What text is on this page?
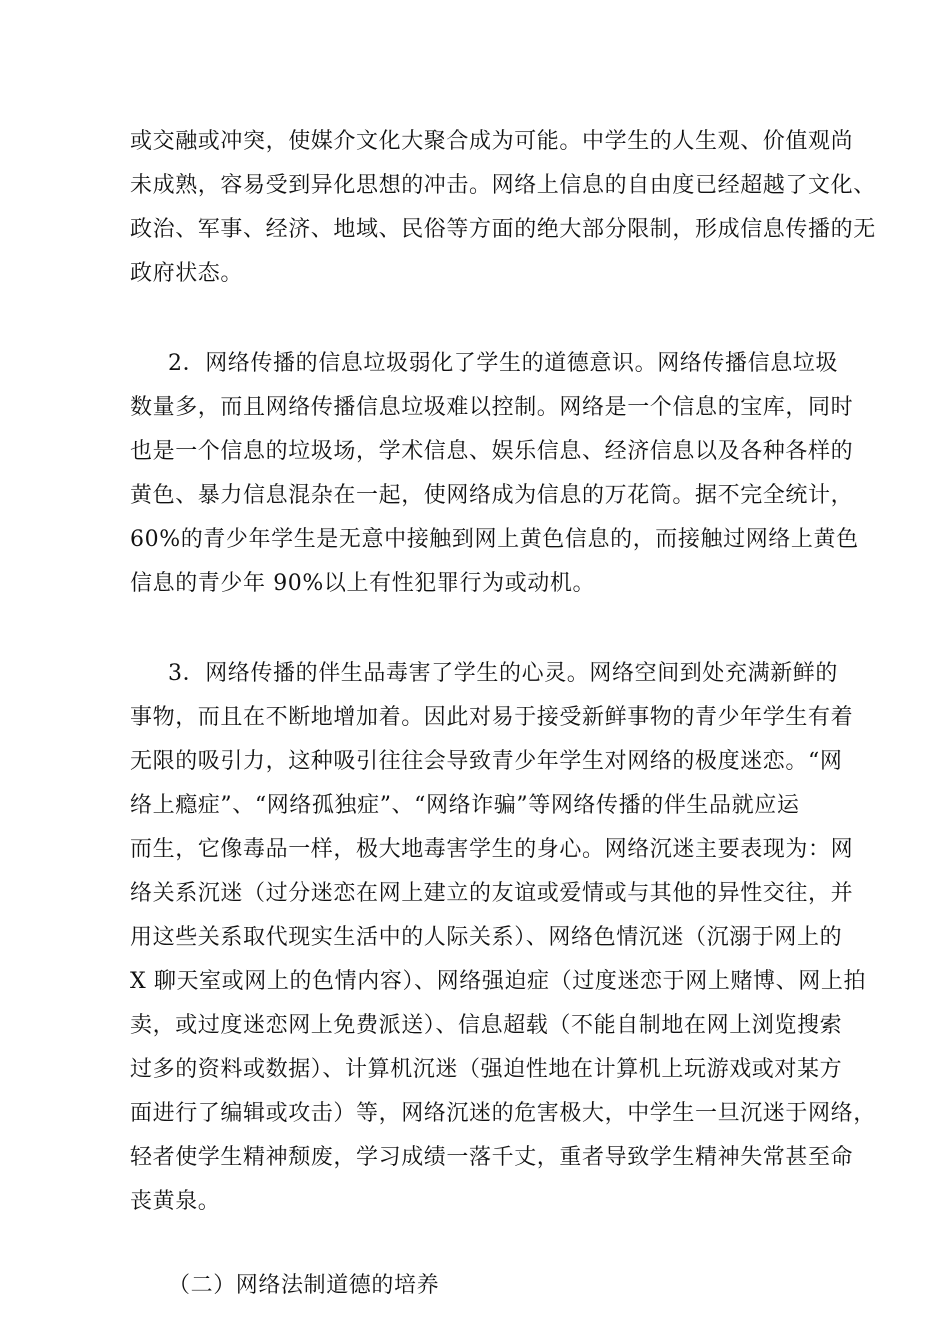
或交融或冲突，使媒介文化大聚合成为可能。中学生的人生观、价值观尚
未成熟，容易受到异化思想的冲击。网络上信息的自由度已经超越了文化、
政治、军事、经济、地域、民俗等方面的绝大部分限制，形成信息传播的无
政府状态。
2．网络传播的信息垃圾弱化了学生的道德意识。网络传播信息垃圾
数量多，而且网络传播信息垃圾难以控制。网络是一个信息的宝库，同时
也是一个信息的垃圾场，学术信息、娱乐信息、经济信息以及各种各样的
黄色、暴力信息混杂在一起，使网络成为信息的万花筒。据不完全统计，
60%的青少年学生是无意中接触到网上黄色信息的，而接触过网络上黄色
信息的青少年 90%以上有性犯罪行为或动机。
3．网络传播的伴生品毒害了学生的心灵。网络空间到处充满新鲜的
事物，而且在不断地增加着。因此对易于接受新鲜事物的青少年学生有着
无限的吸引力，这种吸引往往会导致青少年学生对网络的极度迷恋。“网
络上瘾症”、“网络孤独症”、“网络诈骗”等网络传播的伴生品就应运
而生，它像毒品一样，极大地毒害学生的身心。网络沉迷主要表现为：网
络关系沉迷（过分迷恋在网上建立的友谊或爱情或与其他的异性交往，并
用这些关系取代现实生活中的人际关系）、网络色情沉迷（沉溺于网上的
X 聊天室或网上的色情内容）、网络强迫症（过度迷恋于网上赌博、网上拍
卖，或过度迷恋网上免费派送）、信息超载（不能自制地在网上浏览搜索
过多的资料或数据）、计算机沉迷（强迫性地在计算机上玩游戏或对某方
面进行了编辑或攻击）等，网络沉迷的危害极大，中学生一旦沉迷于网络，
轻者使学生精神颓废，学习成绩一落千丈，重者导致学生精神失常甚至命
丧黄泉。
（二）网络法制道德的培养
